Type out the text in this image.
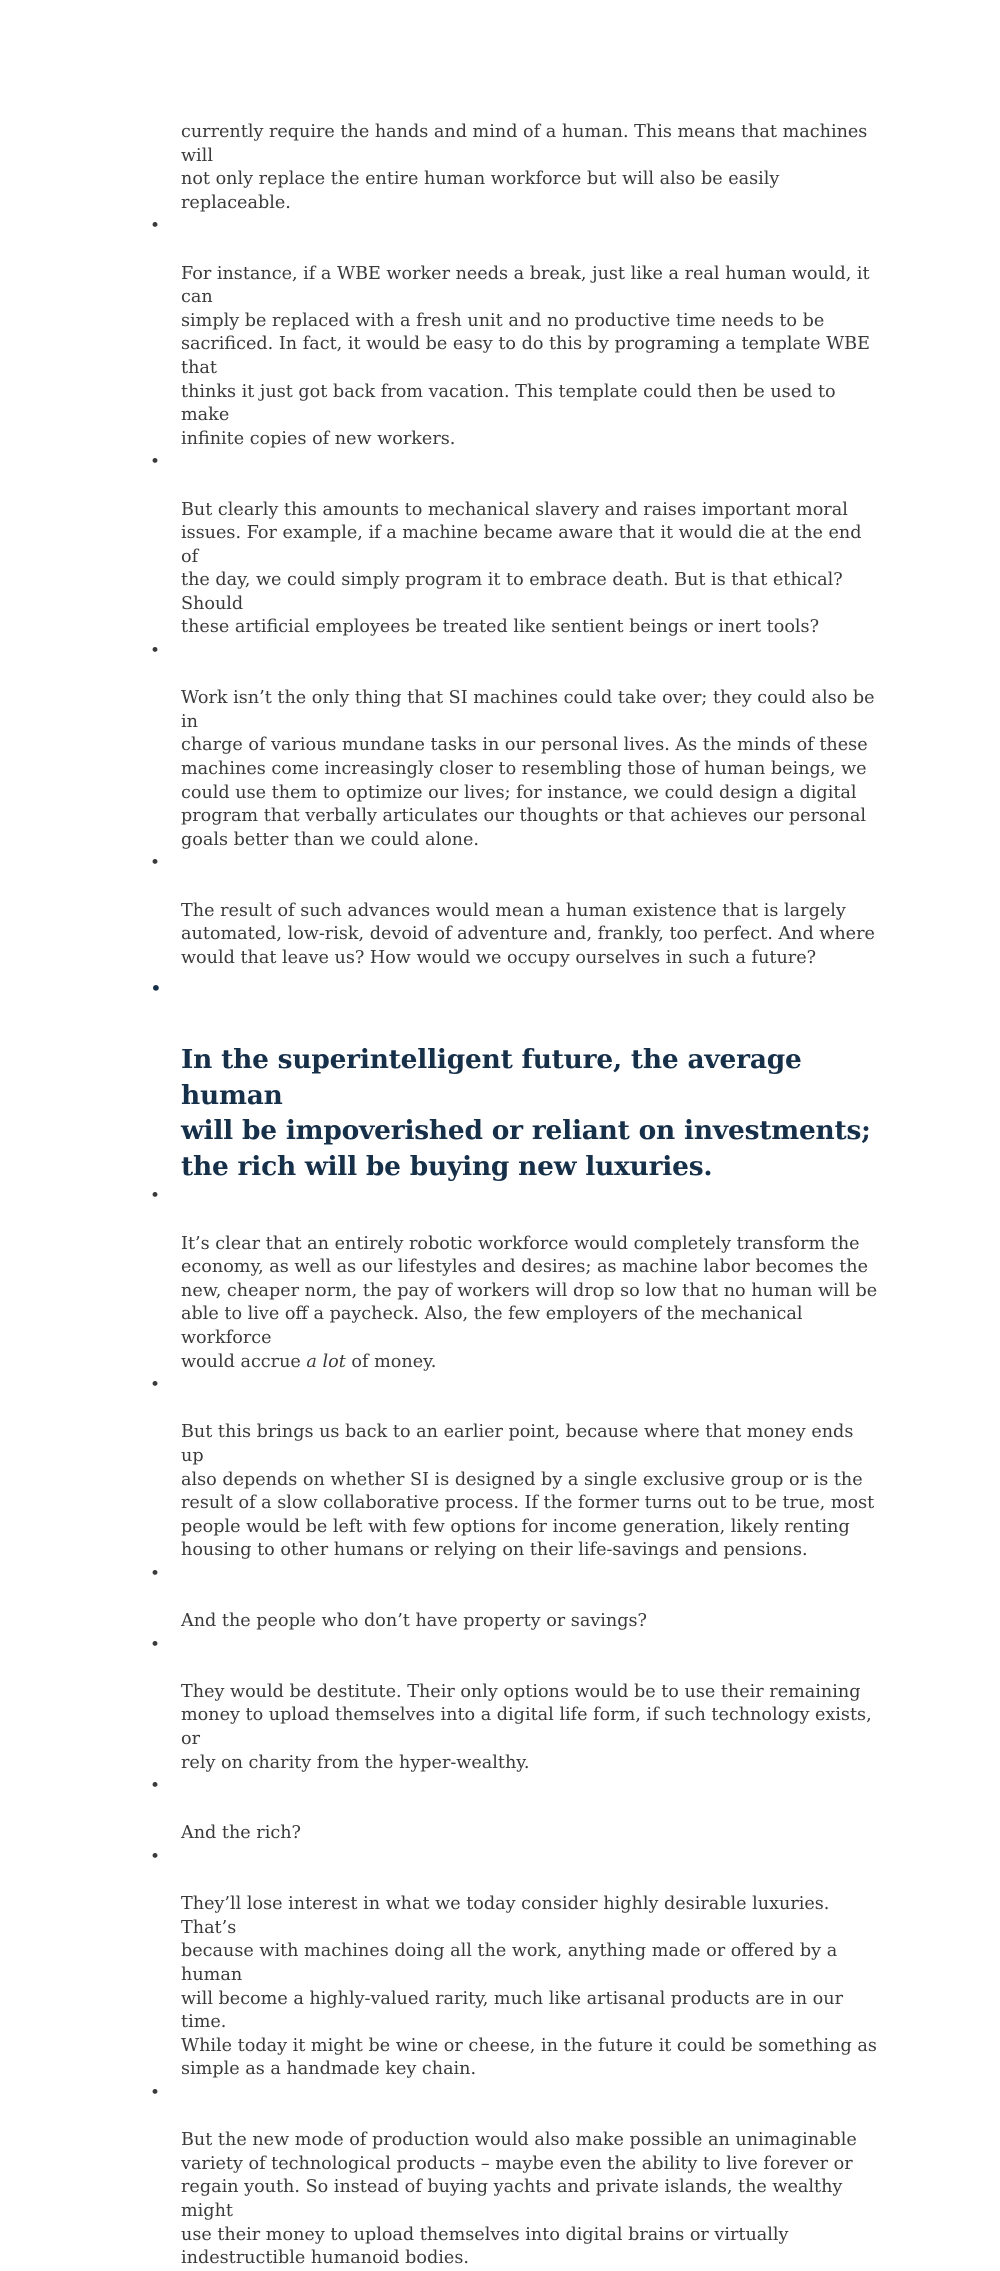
currently require the hands and mind of a human. This means that machines will
not only replace the entire human workforce but will also be easily replaceable.

•

For instance, if a WBE worker needs a break, just like a real human would, it can
simply be replaced with a fresh unit and no productive time needs to be
sacrificed. In fact, it would be easy to do this by programing a template WBE that
thinks it just got back from vacation. This template could then be used to make
infinite copies of new workers.

•

But clearly this amounts to mechanical slavery and raises important moral
issues. For example, if a machine became aware that it would die at the end of
the day, we could simply program it to embrace death. But is that ethical? Should
these artificial employees be treated like sentient beings or inert tools?

•

Work isn’t the only thing that SI machines could take over; they could also be in
charge of various mundane tasks in our personal lives. As the minds of these
machines come increasingly closer to resembling those of human beings, we
could use them to optimize our lives; for instance, we could design a digital
program that verbally articulates our thoughts or that achieves our personal
goals better than we could alone.

•

The result of such advances would mean a human existence that is largely
automated, low-risk, devoid of adventure and, frankly, too perfect. And where
would that leave us? How would we occupy ourselves in such a future?

•

In the superintelligent future, the average human
will be impoverished or reliant on investments;
the rich will be buying new luxuries.

•

It’s clear that an entirely robotic workforce would completely transform the
economy, as well as our lifestyles and desires; as machine labor becomes the
new, cheaper norm, the pay of workers will drop so low that no human will be
able to live off a paycheck. Also, the few employers of the mechanical workforce
would accrue a lot of money.

•

But this brings us back to an earlier point, because where that money ends up
also depends on whether SI is designed by a single exclusive group or is the
result of a slow collaborative process. If the former turns out to be true, most
people would be left with few options for income generation, likely renting
housing to other humans or relying on their life-savings and pensions.

•

And the people who don’t have property or savings?

•

They would be destitute. Their only options would be to use their remaining
money to upload themselves into a digital life form, if such technology exists, or
rely on charity from the hyper-wealthy.

•

And the rich?

•

They’ll lose interest in what we today consider highly desirable luxuries. That’s
because with machines doing all the work, anything made or offered by a human
will become a highly-valued rarity, much like artisanal products are in our time.
While today it might be wine or cheese, in the future it could be something as
simple as a handmade key chain.

•

But the new mode of production would also make possible an unimaginable
variety of technological products – maybe even the ability to live forever or
regain youth. So instead of buying yachts and private islands, the wealthy might
use their money to upload themselves into digital brains or virtually
indestructible humanoid bodies.
